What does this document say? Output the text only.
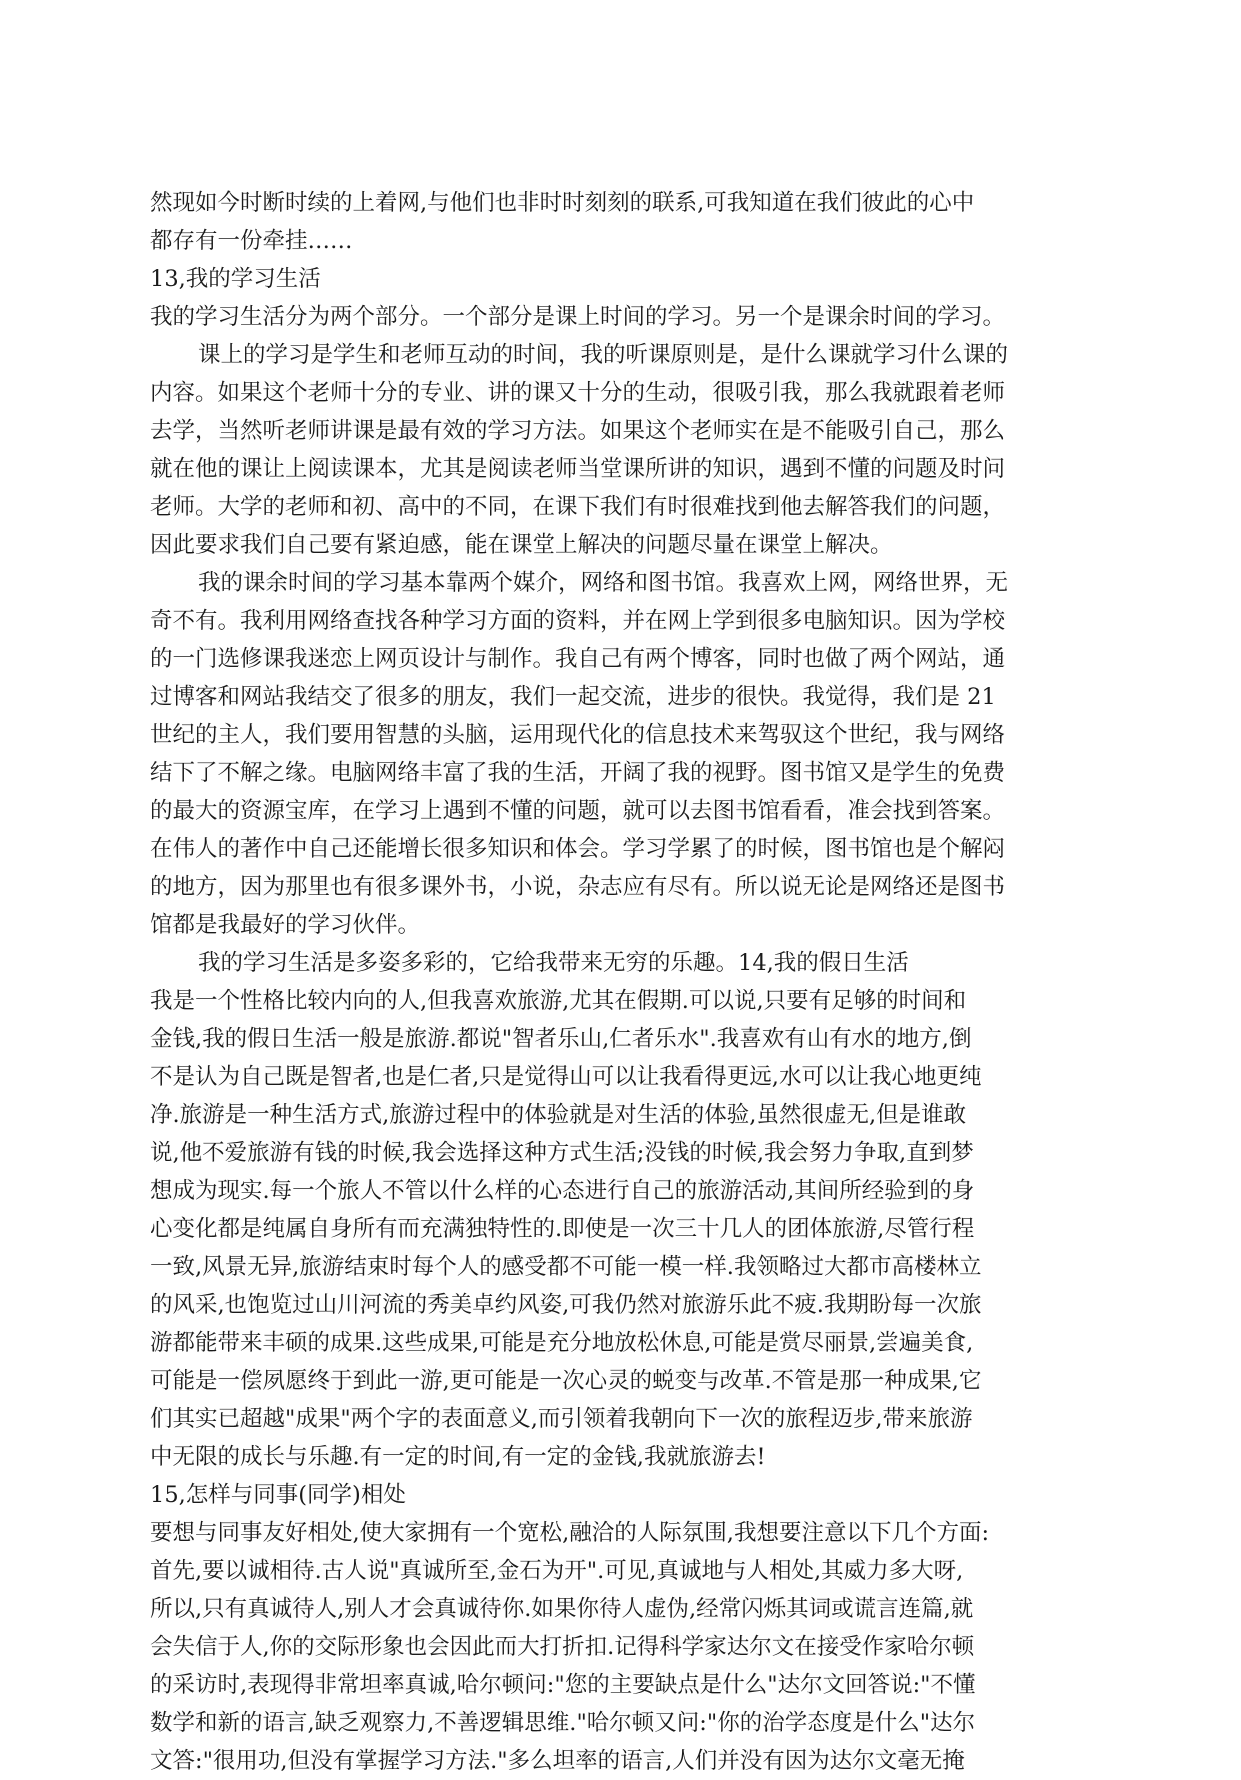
然现如今时断时续的上着网,与他们也非时时刻刻的联系,可我知道在我们彼此的心中
都存有一份牵挂……
13,我的学习生活
我的学习生活分为两个部分。一个部分是课上时间的学习。另一个是课余时间的学习。
课上的学习是学生和老师互动的时间，我的听课原则是，是什么课就学习什么课的
内容。如果这个老师十分的专业、讲的课又十分的生动，很吸引我，那么我就跟着老师
去学，当然听老师讲课是最有效的学习方法。如果这个老师实在是不能吸引自己，那么
就在他的课让上阅读课本，尤其是阅读老师当堂课所讲的知识，遇到不懂的问题及时问
老师。大学的老师和初、高中的不同，在课下我们有时很难找到他去解答我们的问题，
因此要求我们自己要有紧迫感，能在课堂上解决的问题尽量在课堂上解决。
我的课余时间的学习基本靠两个媒介，网络和图书馆。我喜欢上网，网络世界，无
奇不有。我利用网络查找各种学习方面的资料，并在网上学到很多电脑知识。因为学校
的一门选修课我迷恋上网页设计与制作。我自己有两个博客，同时也做了两个网站，通
过博客和网站我结交了很多的朋友，我们一起交流，进步的很快。我觉得，我们是 21
世纪的主人，我们要用智慧的头脑，运用现代化的信息技术来驾驭这个世纪，我与网络
结下了不解之缘。电脑网络丰富了我的生活，开阔了我的视野。图书馆又是学生的免费
的最大的资源宝库，在学习上遇到不懂的问题，就可以去图书馆看看，准会找到答案。
在伟人的著作中自己还能增长很多知识和体会。学习学累了的时候，图书馆也是个解闷
的地方，因为那里也有很多课外书，小说，杂志应有尽有。所以说无论是网络还是图书
馆都是我最好的学习伙伴。
我的学习生活是多姿多彩的，它给我带来无穷的乐趣。14,我的假日生活
我是一个性格比较内向的人,但我喜欢旅游,尤其在假期.可以说,只要有足够的时间和
金钱,我的假日生活一般是旅游.都说"智者乐山,仁者乐水".我喜欢有山有水的地方,倒
不是认为自己既是智者,也是仁者,只是觉得山可以让我看得更远,水可以让我心地更纯
净.旅游是一种生活方式,旅游过程中的体验就是对生活的体验,虽然很虚无,但是谁敢
说,他不爱旅游有钱的时候,我会选择这种方式生活;没钱的时候,我会努力争取,直到梦
想成为现实.每一个旅人不管以什么样的心态进行自己的旅游活动,其间所经验到的身
心变化都是纯属自身所有而充满独特性的.即使是一次三十几人的团体旅游,尽管行程
一致,风景无异,旅游结束时每个人的感受都不可能一模一样.我领略过大都市高楼林立
的风采,也饱览过山川河流的秀美卓约风姿,可我仍然对旅游乐此不疲.我期盼每一次旅
游都能带来丰硕的成果.这些成果,可能是充分地放松休息,可能是赏尽丽景,尝遍美食,
可能是一偿夙愿终于到此一游,更可能是一次心灵的蜕变与改革.不管是那一种成果,它
们其实已超越"成果"两个字的表面意义,而引领着我朝向下一次的旅程迈步,带来旅游
中无限的成长与乐趣.有一定的时间,有一定的金钱,我就旅游去!
15,怎样与同事(同学)相处
要想与同事友好相处,使大家拥有一个宽松,融洽的人际氛围,我想要注意以下几个方面:
首先,要以诚相待.古人说"真诚所至,金石为开".可见,真诚地与人相处,其威力多大呀,
所以,只有真诚待人,别人才会真诚待你.如果你待人虚伪,经常闪烁其词或谎言连篇,就
会失信于人,你的交际形象也会因此而大打折扣.记得科学家达尔文在接受作家哈尔顿
的采访时,表现得非常坦率真诚,哈尔顿问:"您的主要缺点是什么"达尔文回答说:"不懂
数学和新的语言,缺乏观察力,不善逻辑思维."哈尔顿又问:"你的治学态度是什么"达尔
文答:"很用功,但没有掌握学习方法."多么坦率的语言,人们并没有因为达尔文毫无掩
